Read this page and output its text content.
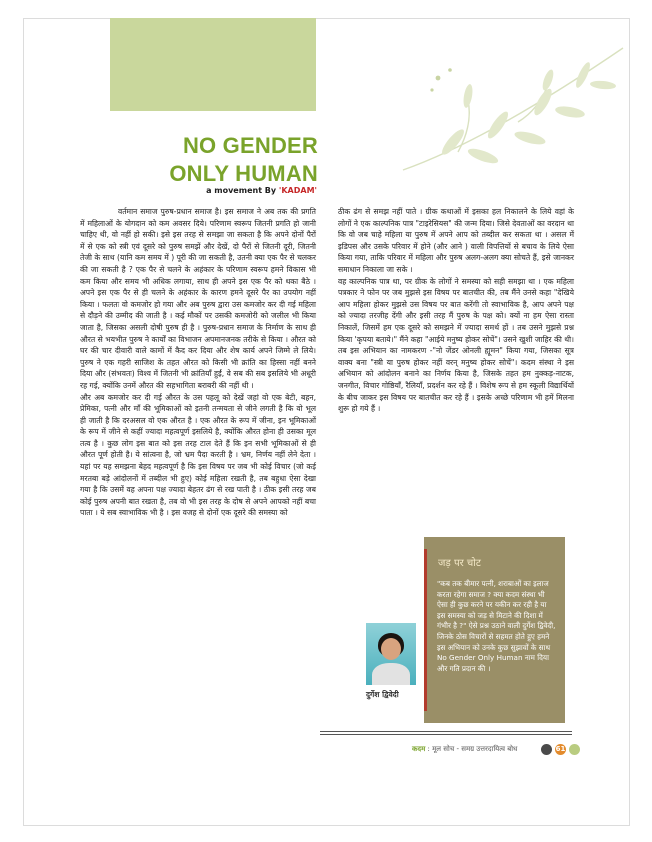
NO GENDER
ONLY HUMAN
a movement By 'KADAM'

वर्तमान समाज पुरुष-प्रधान समाज है। इस समाज ने अब तक की प्रगति में महिलाओं के योगदान को कम अवसर दिये। परिणाम स्वरूप जितनी प्रगति हो जानी चाहिए थी, वो नहीं हो सकी। इसे इस तरह से समझा जा सकता है कि अपने दोनों पैरों में से एक को स्त्री एवं दूसरे को पुरुष समझें और देखें, दो पैरों से जितनी दूरी, जितनी तेजी के साथ (यानि कम समय में ) पूरी की जा सकती है, उतनी क्या एक पैर से चलकर की जा सकती है ? एक पैर से चलने के अहंकार के परिणाम स्वरूप हमने विकास भी कम किया और समय भी अधिक लगाया, साथ ही अपने इस एक पैर को थका बैठे । अपने इस एक पैर से ही चलने के अहंकार के कारण हमने दूसरे पैर का उपयोग नहीं किया । फलतः वो कमजोर हो गया और अब पुरुष द्वारा उस कमजोर कर दी गई महिला से दौड़ने की उम्मीद की जाती है । कई मौकों पर उसकी कमजोरी को जलील भी किया जाता है, जिसका असली दोषी पुरुष ही है । पुरुष-प्रधान समाज के निर्माण के साथ ही औरत से भयभीत पुरुष ने कार्यों का विभाजन अपमानजनक तरीके से किया । औरत को घर की चार दीवारी वाले कामों में कैद कर दिया और शेष कार्य अपने जिम्मे ले लिये। पुरुष ने एक गहरी साजिश के तहत औरत को किसी भी क्रांति का हिस्सा नहीं बनने दिया और (संभवतः) विश्व में जितनी भी क्रांतियाँ हुईं, वे सब की सब इसलिये भी अधूरी रह गई, क्योंकि उनमें औरत की सहभागिता बराबरी की नहीं थी ।

और अब कमजोर कर दी गई औरत के उस पहलू को देखें जहां वो एक बेटी, बहन, प्रेमिका, पत्नी और माँ की भूमिकाओं को इतनी तन्मयता से जीने लगती है कि वो भूल ही जाती है कि दरअसल वो एक औरत है । एक औरत के रूप में जीना, इन भूमिकाओं के रूप में जीने से कहीं ज्यादा महत्वपूर्ण इसलिये है, क्योंकि औरत होना ही उसका मूल तत्व है । कुछ लोग इस बात को इस तरह टाल देते हैं कि इन सभी भूमिकाओं से ही औरत पूर्ण होती है। ये सांत्वना है, जो भ्रम पैदा करती है । भ्रम, निर्णय नहीं लेने देता । यहां पर यह समझना बेहद महत्वपूर्ण है कि इस विषय पर जब भी कोई विचार (जो कई मरतबा बड़े आंदोलनों में तब्दील भी हुए) कोई महिला रखती है, तब बहुधा ऐसा देखा गया है कि उसमें वह अपना पक्ष ज्यादा बेहतर ढंग से रख पाती है । ठीक इसी तरह जब कोई पुरुष अपनी बात रखता है, तब वो भी इस तरह के दोष से अपने आपको नहीं बचा पाता । ये सब स्वाभाविक भी है । इस वजह से दोनों एक दूसरे की समस्या को

ठीक ढंग से समझ नहीं पाते । ग्रीक कथाओं में इसका हल निकालने के लिये वहां के लोगों ने एक काल्पनिक पात्र "टाइरेसियस" की जन्म दिया। जिसे देवताओं का वरदान था कि वो जब चाहे महिला या पुरुष में अपने आप को तब्दील कर सकता था । असल में इडिपस और उसके परिवार में होने (और आने ) वाली विपत्तियों से बचाव के लिये ऐसा किया गया, ताकि परिवार में महिला और पुरुष अलग-अलग क्या सोचते हैं, इसे जानकर समाधान निकाला जा सके ।

वह काल्पनिक पात्र था, पर ग्रीक के लोगों ने समस्या को सही समझा था । एक महिला पत्रकार ने फोन पर जब मुझसे इस विषय पर बातचीत की, तब मैंने उनसे कहा "देखिये आप महिला होकर मुझसे उस विषय पर बात करेंगी तो स्वाभाविक है, आप अपने पक्ष को ज्यादा तरजीह देंगी और इसी तरह मैं पुरुष के पक्ष को। क्यों ना हम ऐसा रास्ता निकालें, जिसमें हम एक दूसरे को समझने में ज्यादा समर्थ हों । तब उसने मुझसे प्रश्न किया 'कृपया बताये।" मैंने कहा "आईये मनुष्य होकर सोचें"। उसने खुशी जाहिर की थी। तब इस अभियान का नामकरण -"नो जेंडर ओनली ह्यूमन" किया गया, जिसका सूत्र वाक्य बना "स्त्री या पुरुष होकर नहीं वरन् मनुष्य होकर सोचें"। कदम संस्था ने इस अभियान को आंदोलन बनाने का निर्णय किया है, जिसके तहत हम नुक्कड़-नाटक, जनगीत, विचार गोष्ठियाँ, रैलियाँ, प्रदर्शन कर रहे हैं । विशेष रूप से हम स्कूली विद्यार्थियों के बीच जाकर इस विषय पर बातचीत कर रहे हैं । इसके अच्छे परिणाम भी हमें मिलना शुरू हो गये हैं ।

जड़ पर चोट
"कब तक बीमार पत्नी, शराबाओं का इलाज करता रहेगा समाज ? क्या कदम संस्था भी ऐसा ही कुछ करने पर यकीन कर रही है या इस समस्या को जड़ से मिटाने की दिशा में गंभीर है ?" ऐसे प्रश्न उठाने वाली दुर्गेश द्विवेदी, जिनके ठोस विचारों से सहमत होते हुए हमने इस अभियान को उनके कुछ सुझावों के साथ No Gender Only Human नाम दिया और गति प्रदान की ।
दुर्गेश द्विवेदी
कदम : मूल सोच - समग्र उत्तरदायित्व बोध	61
